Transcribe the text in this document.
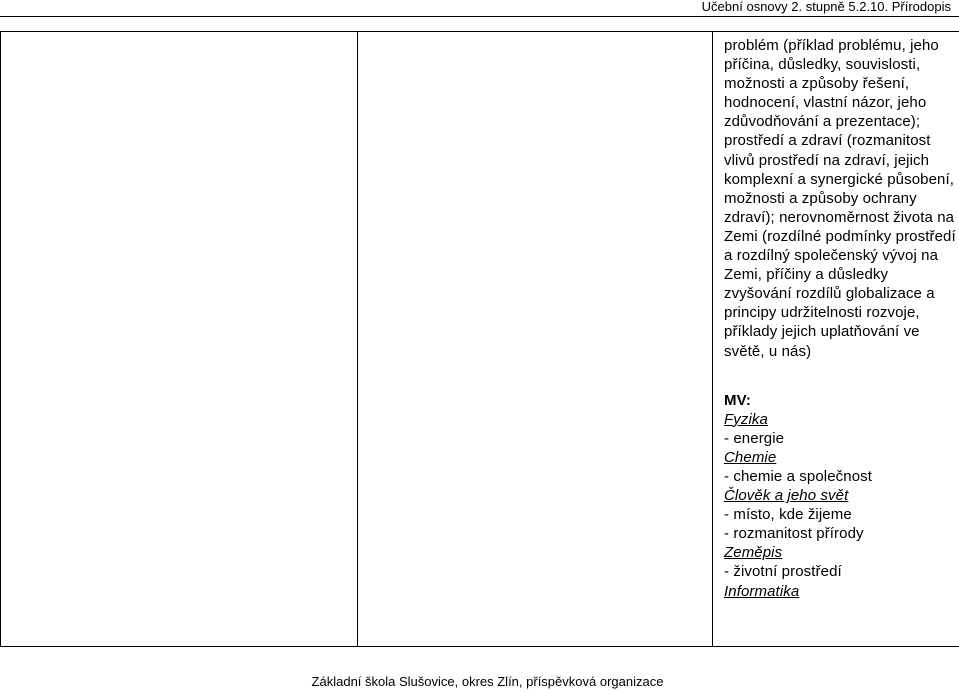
Učební osnovy 2. stupně 5.2.10. Přírodopis

problém (příklad problému, jeho příčina, důsledky, souvislosti, možnosti a způsoby řešení, hodnocení, vlastní názor, jeho zdůvodňování a prezentace); prostředí a zdraví (rozmanitost vlivů prostředí na zdraví, jejich komplexní a synergické působení, možnosti a způsoby ochrany zdraví); nerovnoměrnost života na Zemi (rozdílné podmínky prostředí a rozdílný společenský vývoj na Zemi, příčiny a důsledky zvyšování rozdílů globalizace a principy udržitelnosti rozvoje, příklady jejich uplatňování ve světě, u nás)
MV:
Fyzika
- energie
Chemie
- chemie a společnost
Člověk a jeho svět
- místo, kde žijeme
- rozmanitost přírody
Zeměpis
- životní prostředí
Informatika
Základní škola Slušovice, okres Zlín, příspěvková organizace
